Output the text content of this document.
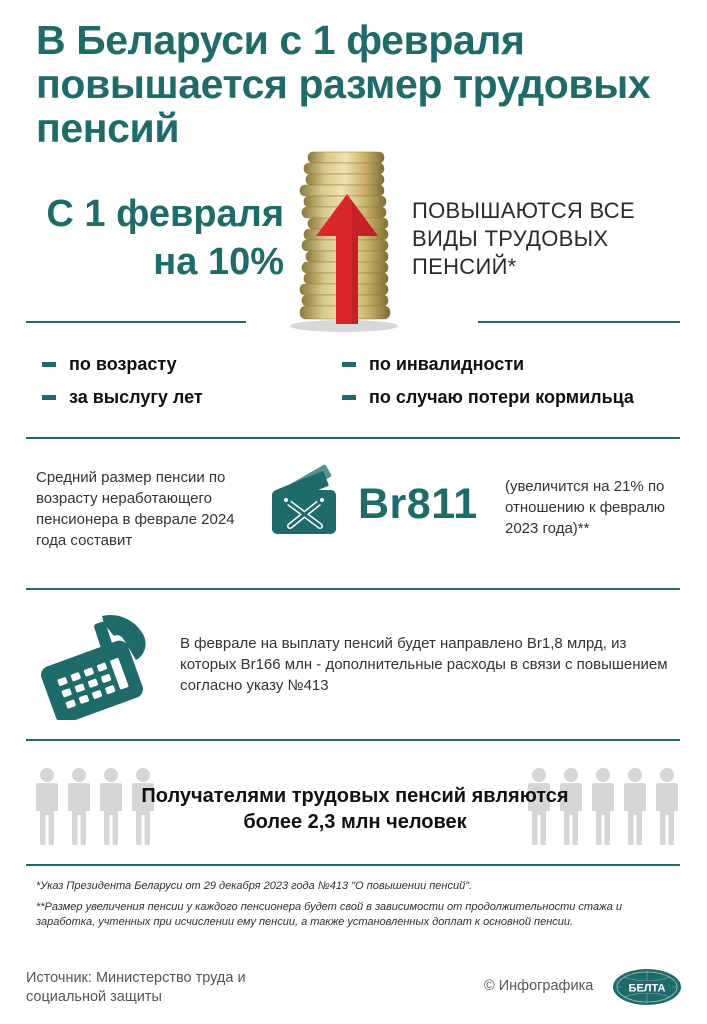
В Беларуси с 1 февраля повышается размер трудовых пенсий
С 1 февраля
на 10%
ПОВЫШАЮТСЯ ВСЕ
ВИДЫ ТРУДОВЫХ
ПЕНСИЙ*
по возрасту
за выслугу лет
по инвалидности
по случаю потери кормильца
Средний размер пенсии по возрасту неработающего пенсионера в феврале 2024 года составит
Br811 (увеличится на 21% по отношению к февралю 2023 года)**
В феврале на выплату пенсий будет направлено Br1,8 млрд, из которых Br166 млн - дополнительные расходы в связи с повышением согласно указу №413
Получателями трудовых пенсий являются
более 2,3 млн человек
*Указ Президента Беларуси от 29 декабря 2023 года №413 "О повышении пенсий".
**Размер увеличения пенсии у каждого пенсионера будет свой в зависимости от продолжительности стажа и заработка, учтенных при исчислении ему пенсии, а также установленных доплат к основной пенсии.
Источник: Министерство труда и социальной защиты
© Инфографика	БЕЛТА
